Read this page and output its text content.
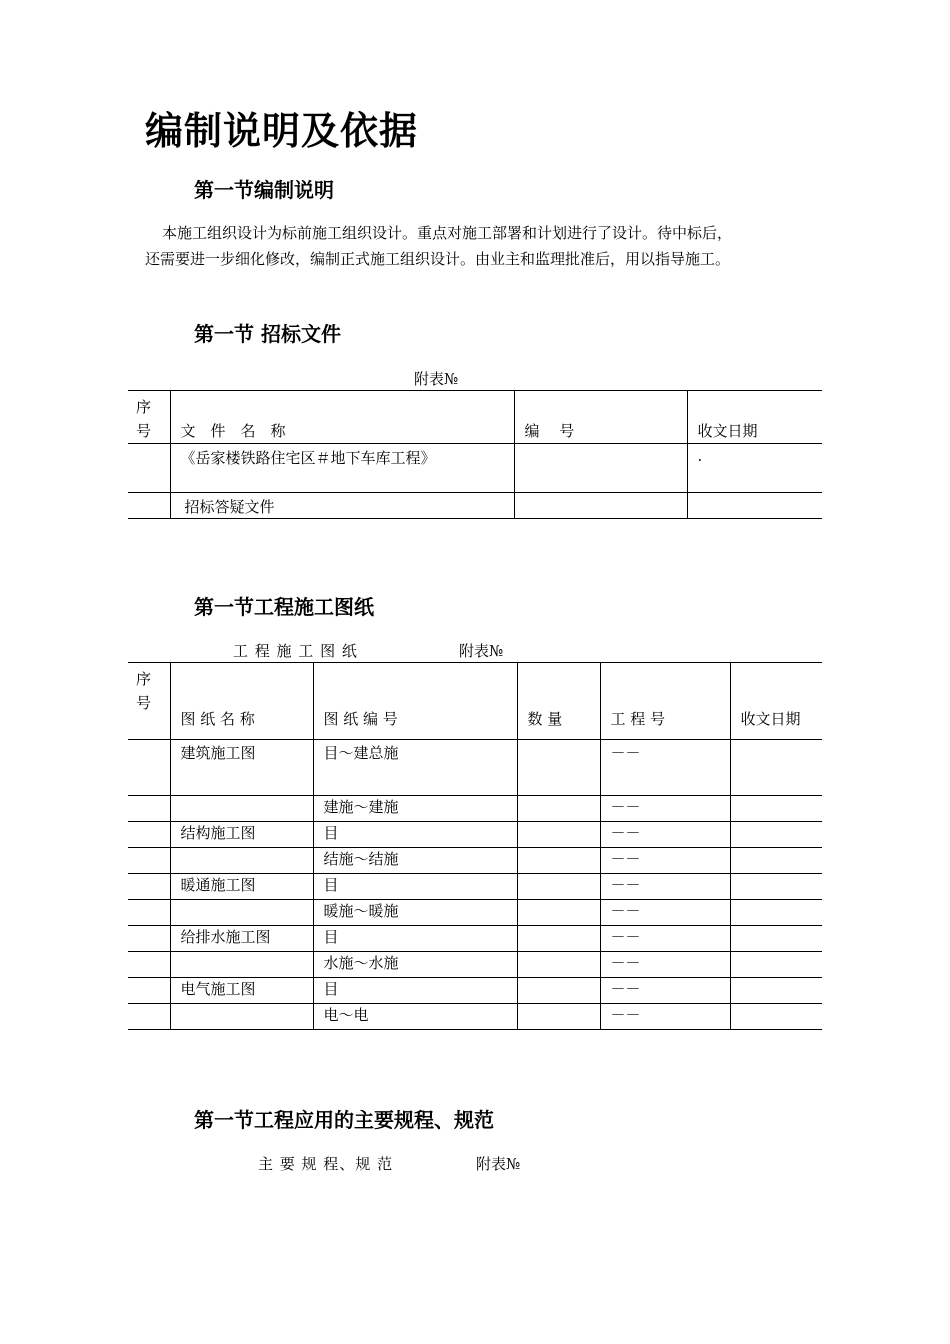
编制说明及依据
第一节编制说明
本施工组织设计为标前施工组织设计。重点对施工部署和计划进行了设计。待中标后，
还需要进一步细化修改，编制正式施工组织设计。由业主和监理批准后，用以指导施工。
第一节 招标文件
附表№
序
号	文　件　名　称	编　 号	收文日期
	《岳家楼铁路住宅区＃地下车库工程》		.
	招标答疑文件		
第一节工程施工图纸
工 程 施 工 图 纸	附表№
序
号	图 纸 名 称	图 纸 编 号	数 量	工 程 号	收文日期
	建筑施工图	目～建总施		－－	
		建施～建施		－－	
	结构施工图	目		－－	
		结施～结施		－－	
	暖通施工图	目		－－	
		暖施～暖施		－－	
	给排水施工图	目		－－	
		水施～水施		－－	
	电气施工图	目		－－	
		电～电		－－	
第一节工程应用的主要规程、规范
主 要 规 程、规 范	附表№
